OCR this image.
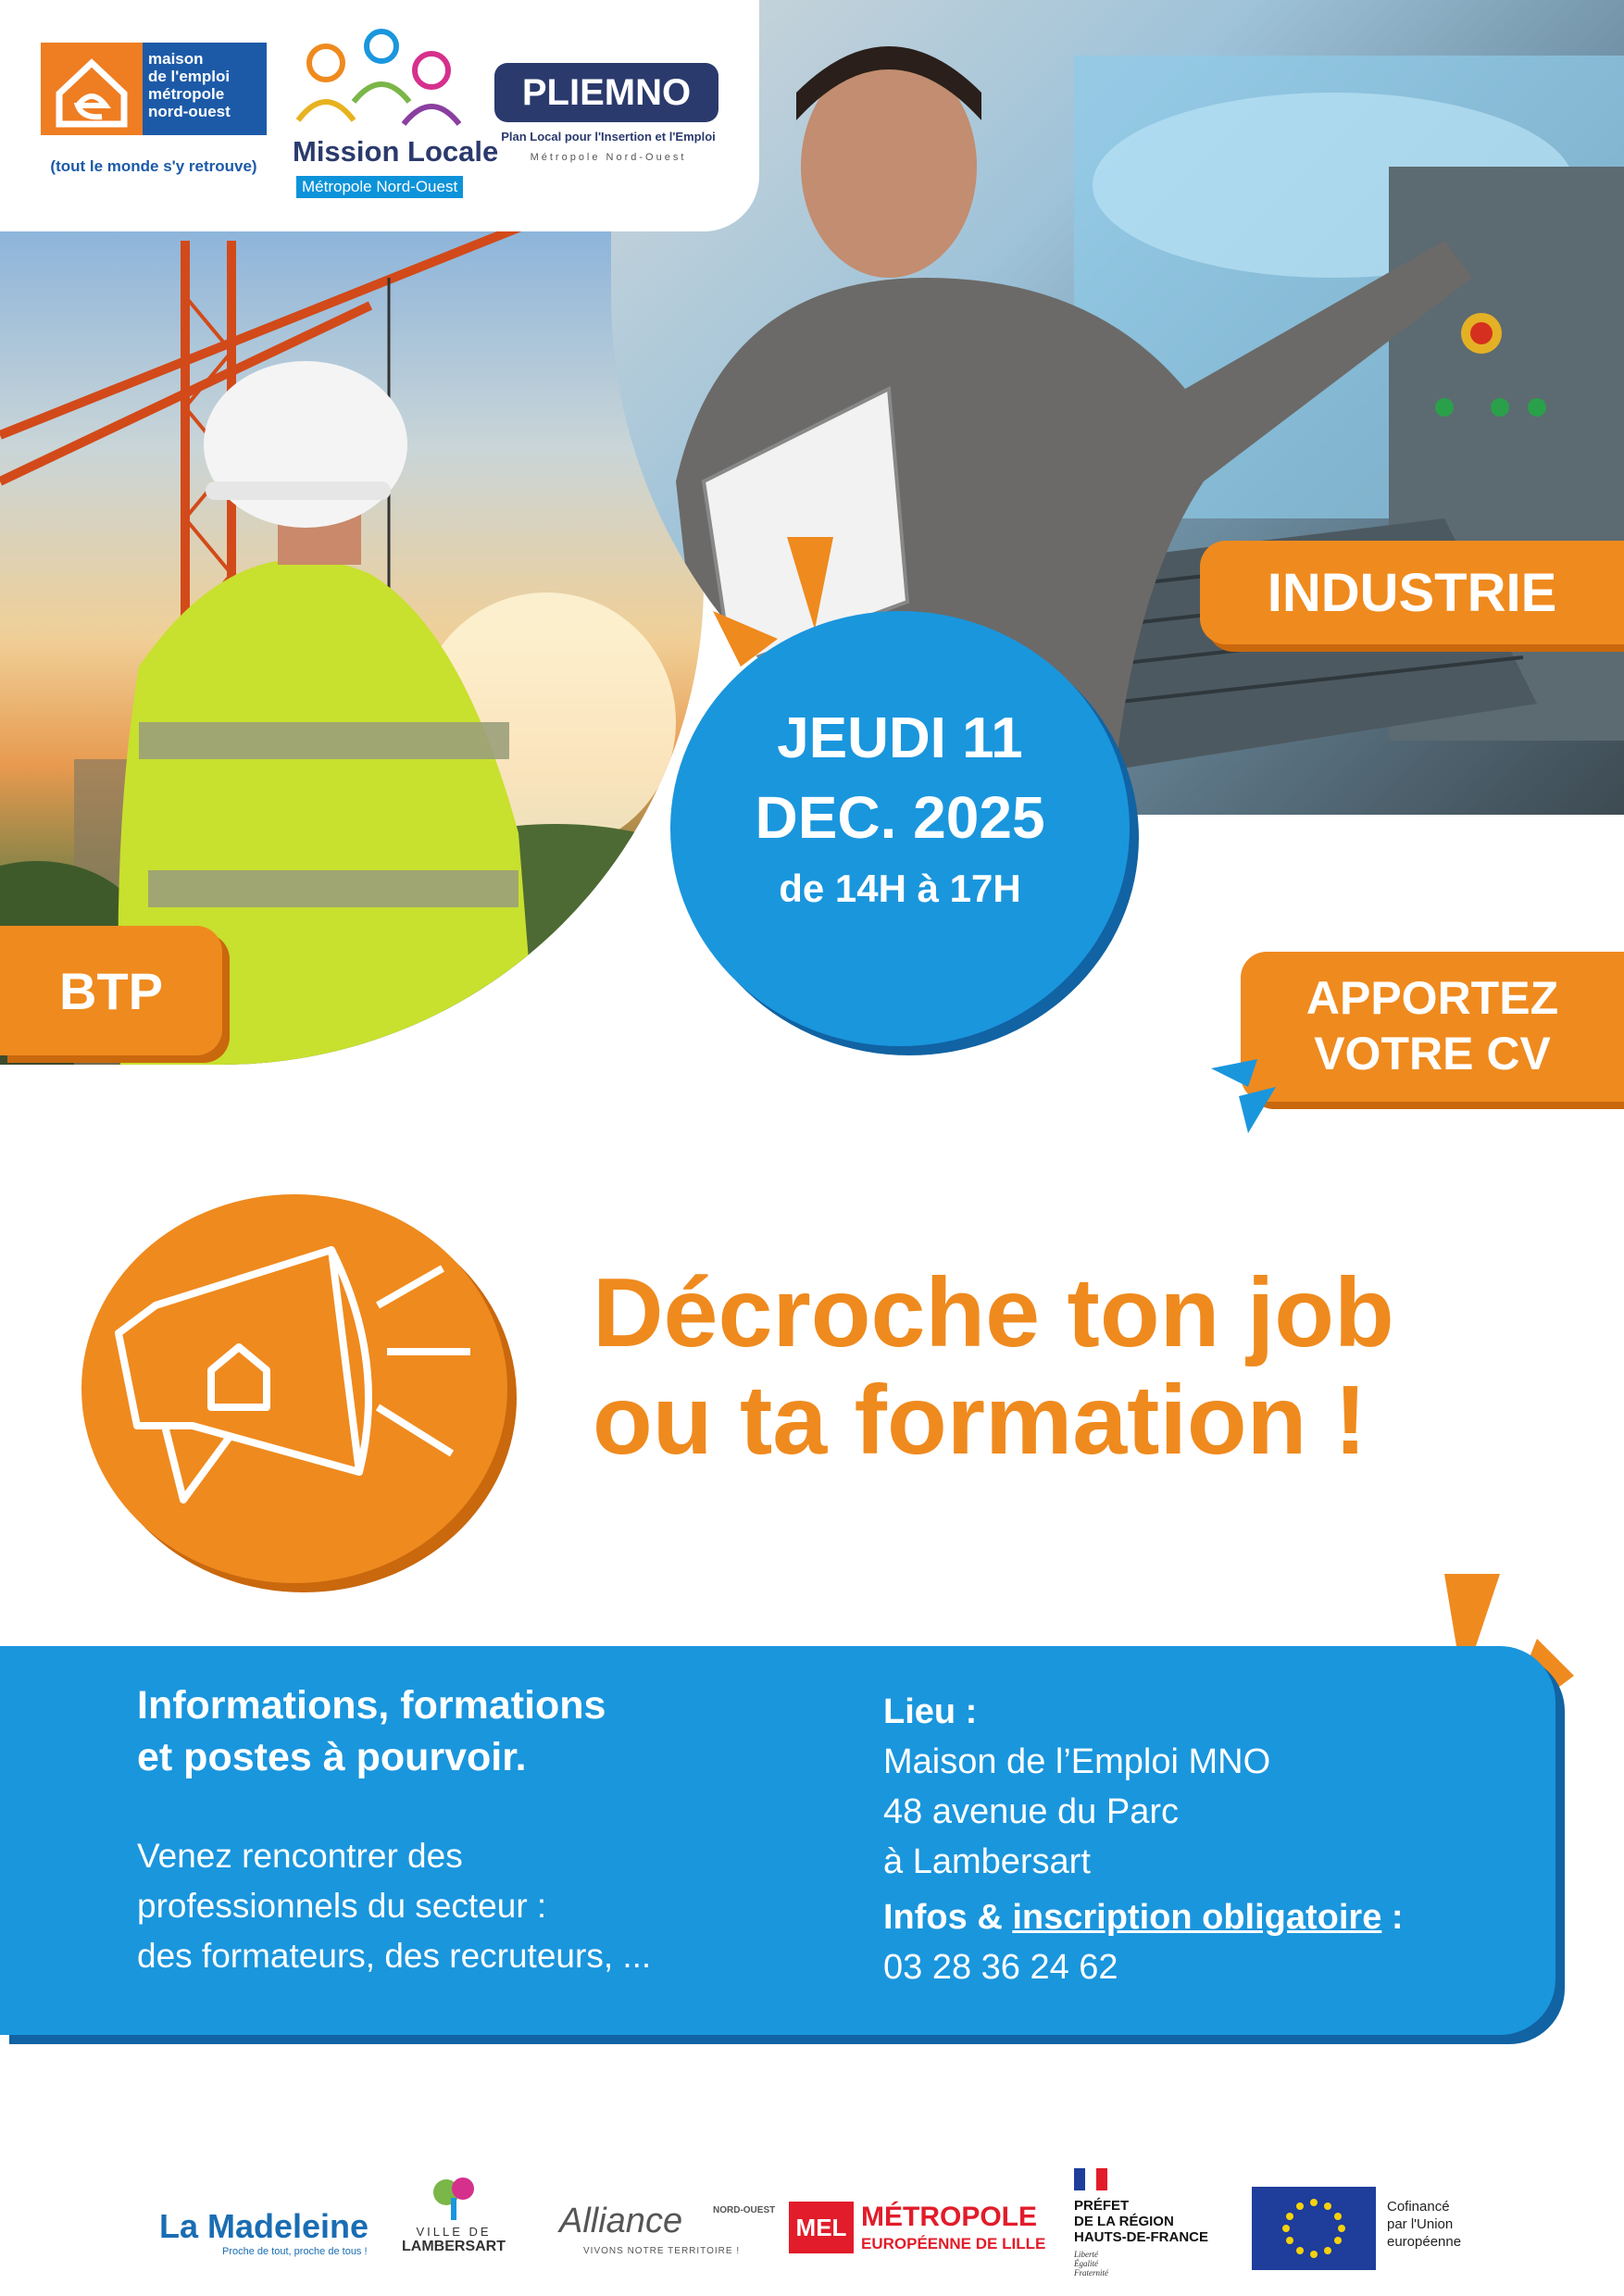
maison
de l'emploi
métropole
nord-ouest
(tout le monde s'y retrouve)	Mission Locale
Métropole Nord-Ouest
PLIEMNO
Plan Local pour l'Insertion et l'Emploi
Métropole Nord-Ouest
INDUSTRIE
BTP	APPORTEZ
VOTRE CV
JEUDI 11
DEC. 2025
de 14H à 17H
Décroche ton job
ou ta formation !
Informations, formations
et postes à pourvoir.
Venez rencontrer des
professionnels du secteur :
des formateurs, des recruteurs, ...
Lieu :
Maison de l’Emploi MNO
48 avenue du Parc
à Lambersart
Infos & inscription obligatoire :
03 28 36 24 62
La Madeleine
Proche de tout, proche de tous !
VILLE DE
LAMBERSART
Alliance	NORD-OUEST
VIVONS NOTRE TERRITOIRE !
MEL MÉTROPOLE
EUROPÉENNE DE LILLE
PRÉFET
DE LA RÉGION
HAUTS-DE-FRANCE
Liberté
Égalité
Fraternité
Cofinancé
par l'Union
européenne
